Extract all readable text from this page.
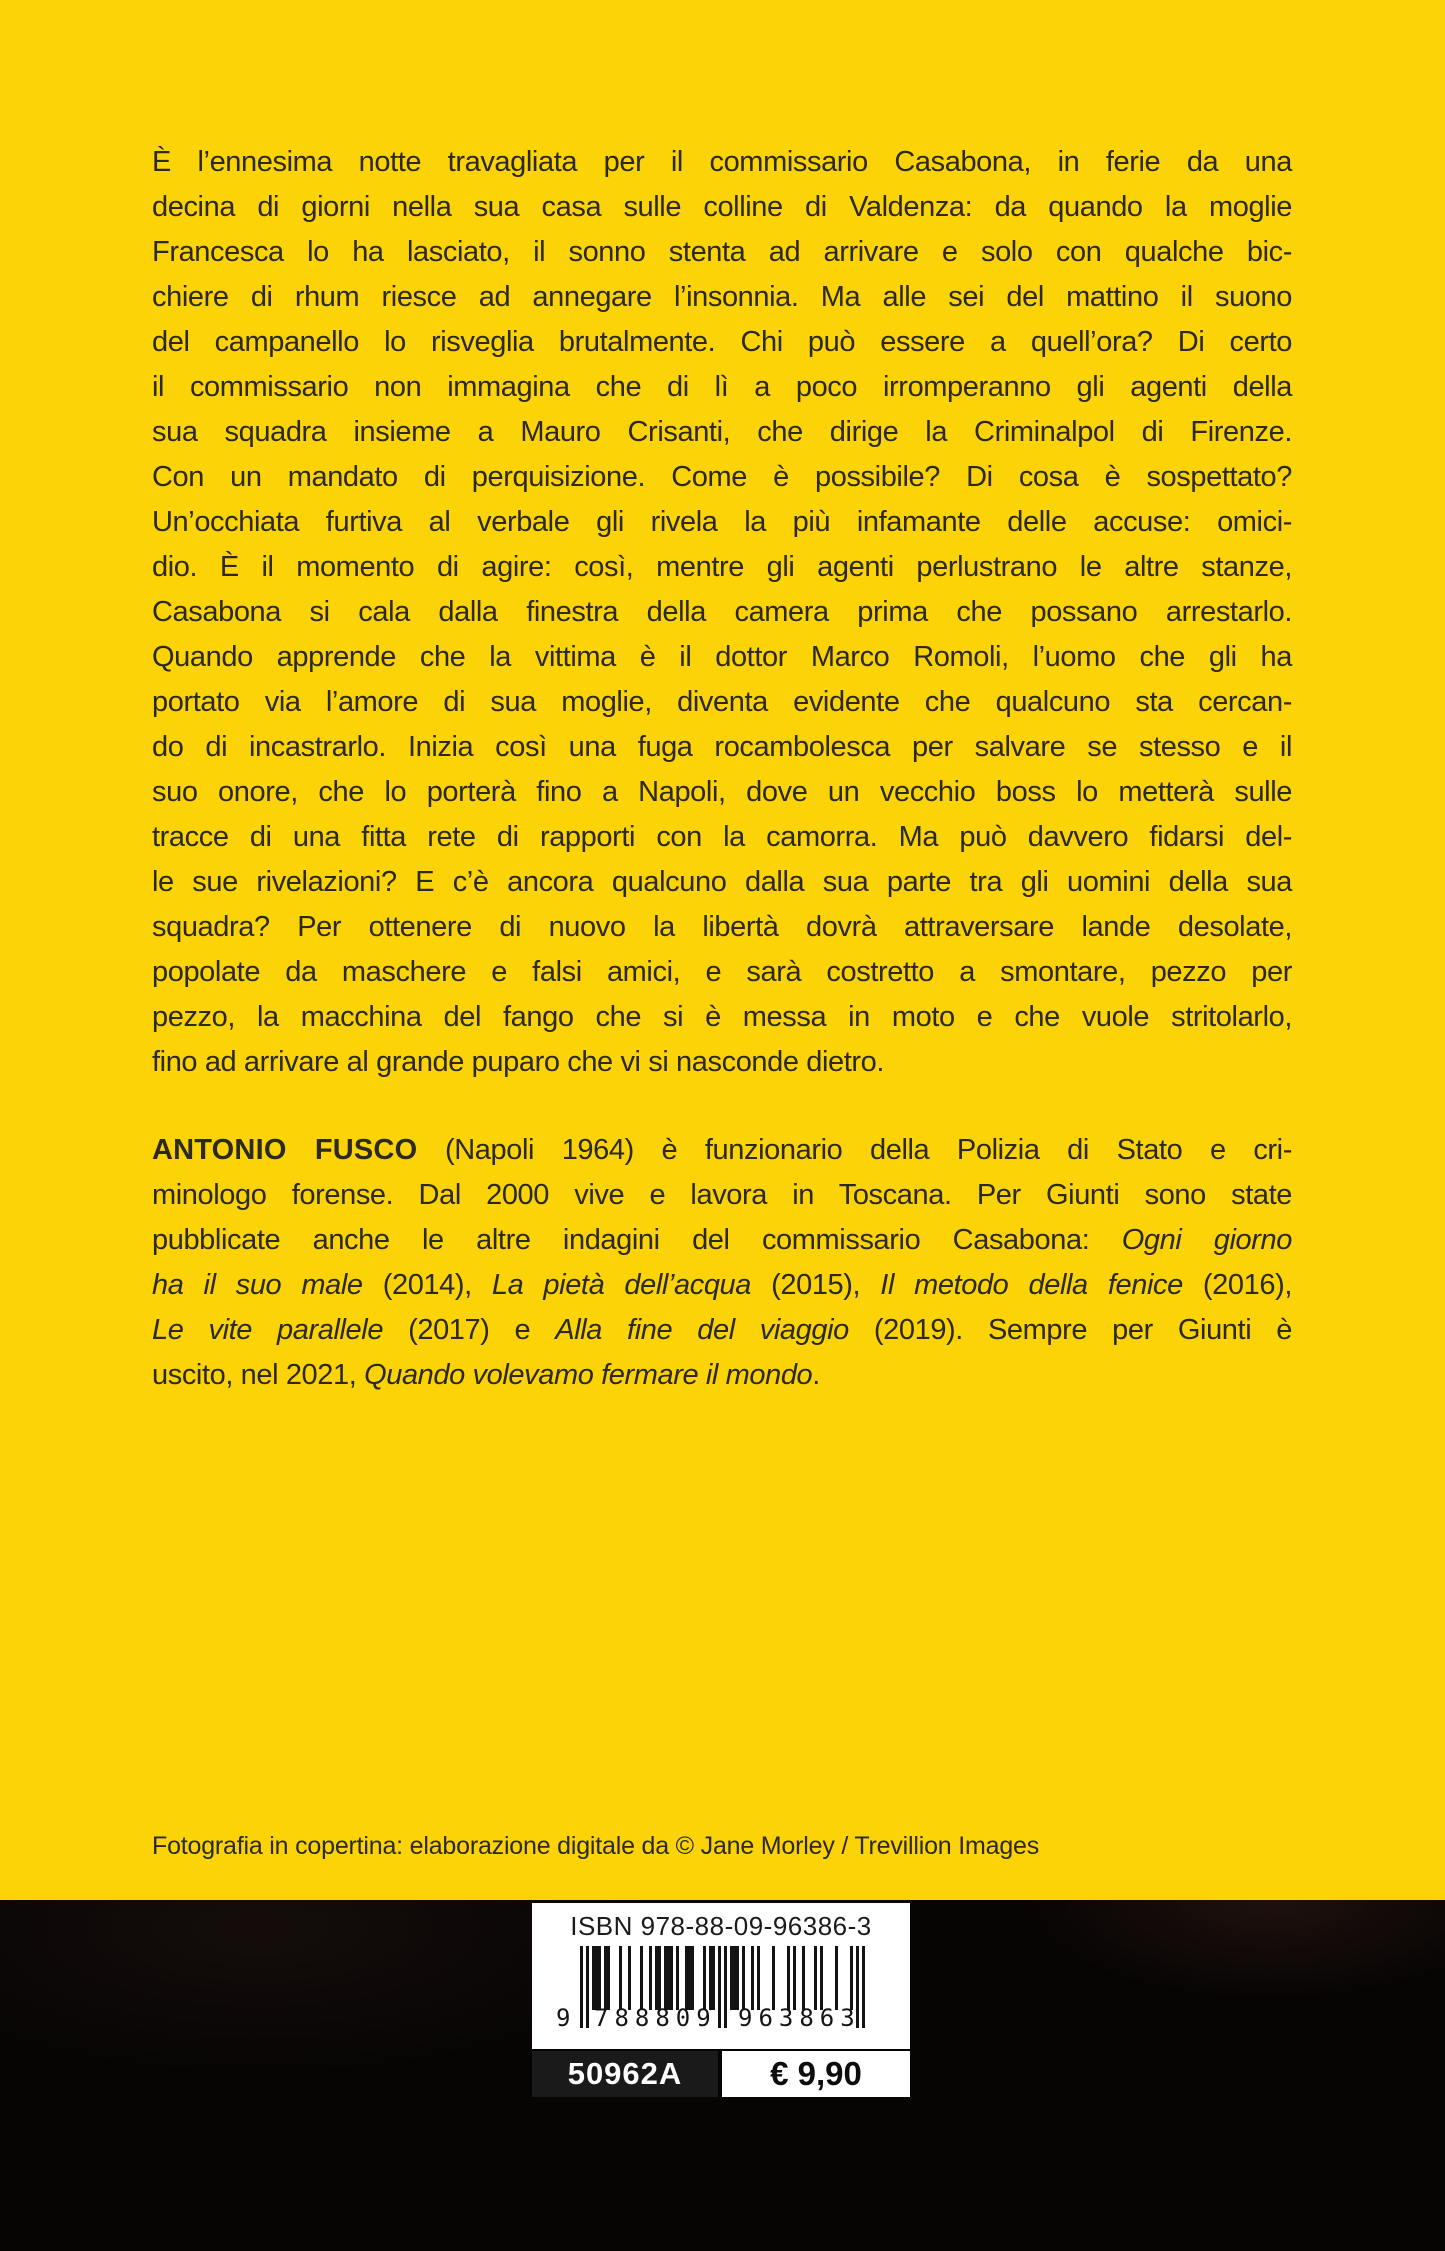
È l’ennesima notte travagliata per il commissario Casabona, in ferie da una
decina di giorni nella sua casa sulle colline di Valdenza: da quando la moglie
Francesca lo ha lasciato, il sonno stenta ad arrivare e solo con qualche bic-
chiere di rhum riesce ad annegare l’insonnia. Ma alle sei del mattino il suono
del campanello lo risveglia brutalmente. Chi può essere a quell’ora? Di certo
il commissario non immagina che di lì a poco irromperanno gli agenti della
sua squadra insieme a Mauro Crisanti, che dirige la Criminalpol di Firenze.
Con un mandato di perquisizione. Come è possibile? Di cosa è sospettato?
Un’occhiata furtiva al verbale gli rivela la più infamante delle accuse: omici-
dio. È il momento di agire: così, mentre gli agenti perlustrano le altre stanze,
Casabona si cala dalla finestra della camera prima che possano arrestarlo.
Quando apprende che la vittima è il dottor Marco Romoli, l’uomo che gli ha
portato via l’amore di sua moglie, diventa evidente che qualcuno sta cercan-
do di incastrarlo. Inizia così una fuga rocambolesca per salvare se stesso e il
suo onore, che lo porterà fino a Napoli, dove un vecchio boss lo metterà sulle
tracce di una fitta rete di rapporti con la camorra. Ma può davvero fidarsi del-
le sue rivelazioni? E c’è ancora qualcuno dalla sua parte tra gli uomini della sua
squadra? Per ottenere di nuovo la libertà dovrà attraversare lande desolate,
popolate da maschere e falsi amici, e sarà costretto a smontare, pezzo per
pezzo, la macchina del fango che si è messa in moto e che vuole stritolarlo,
fino ad arrivare al grande puparo che vi si nasconde dietro.
ANTONIO FUSCO (Napoli 1964) è funzionario della Polizia di Stato e cri-
minologo forense. Dal 2000 vive e lavora in Toscana. Per Giunti sono state
pubblicate anche le altre indagini del commissario Casabona: Ogni giorno
ha il suo male (2014), La pietà dell’acqua (2015), Il metodo della fenice (2016),
Le vite parallele (2017) e Alla fine del viaggio (2019). Sempre per Giunti è
uscito, nel 2021, Quando volevamo fermare il mondo.
Fotografia in copertina: elaborazione digitale da © Jane Morley / Trevillion Images
ISBN 978-88-09-96386-3
9 788809 963863
50962A	€ 9,90
